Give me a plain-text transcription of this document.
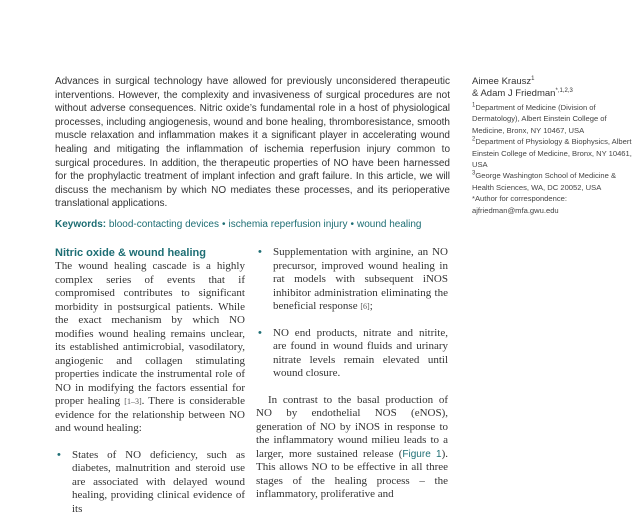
Advances in surgical technology have allowed for previously unconsidered therapeutic interventions. However, the complexity and invasiveness of surgical procedures are not without adverse consequences. Nitric oxide’s fundamental role in a host of physiological processes, including angiogenesis, wound and bone healing, thromboresistance, smooth muscle relaxation and inflammation makes it a significant player in accelerating wound healing and mitigating the inflammation of ischemia reperfusion injury common to surgical procedures. In addition, the therapeutic properties of NO have been harnessed for the prophylactic treatment of implant infection and graft failure. In this article, we will discuss the mechanism by which NO mediates these processes, and its perioperative translational applications.

Keywords: blood-contacting devices • ischemia reperfusion injury • wound healing
Aimee Krausz$^1$
& Adam J Friedman$^{*,1,2,3}$
$^1$Department of Medicine (Division of Dermatology), Albert Einstein College of Medicine, Bronx, NY 10467, USA
$^2$Department of Physiology & Biophysics, Albert Einstein College of Medicine, Bronx, NY 10461, USA
$^3$George Washington School of Medicine & Health Sciences, WA, DC 20052, USA
*Author for correspondence:
ajfriedman@mfa.gwu.edu
Nitric oxide & wound healing

The wound healing cascade is a highly complex series of events that if compromised contributes to significant morbidity in postsurgical patients. While the exact mechanism by which NO modifies wound healing remains unclear, its established antimicrobial, vasodilatory, angiogenic and collagen stimulating properties indicate the instrumental role of NO in modifying the factors essential for proper healing [1–3]. There is considerable evidence for the relationship between NO and wound healing:

• States of NO deficiency, such as diabetes, malnutrition and steroid use are associated with delayed wound healing, providing clinical evidence of its

• Supplementation with arginine, an NO precursor, improved wound healing in rat models with subsequent iNOS inhibitor administration eliminating the beneficial response [6];

• NO end products, nitrate and nitrite, are found in wound fluids and urinary nitrate levels remain elevated until wound closure.

In contrast to the basal production of NO by endothelial NOS (eNOS), generation of NO by iNOS in response to the inflammatory wound milieu leads to a larger, more sustained release (Figure 1). This allows NO to be effective in all three stages of the healing process – the inflammatory, proliferative and
